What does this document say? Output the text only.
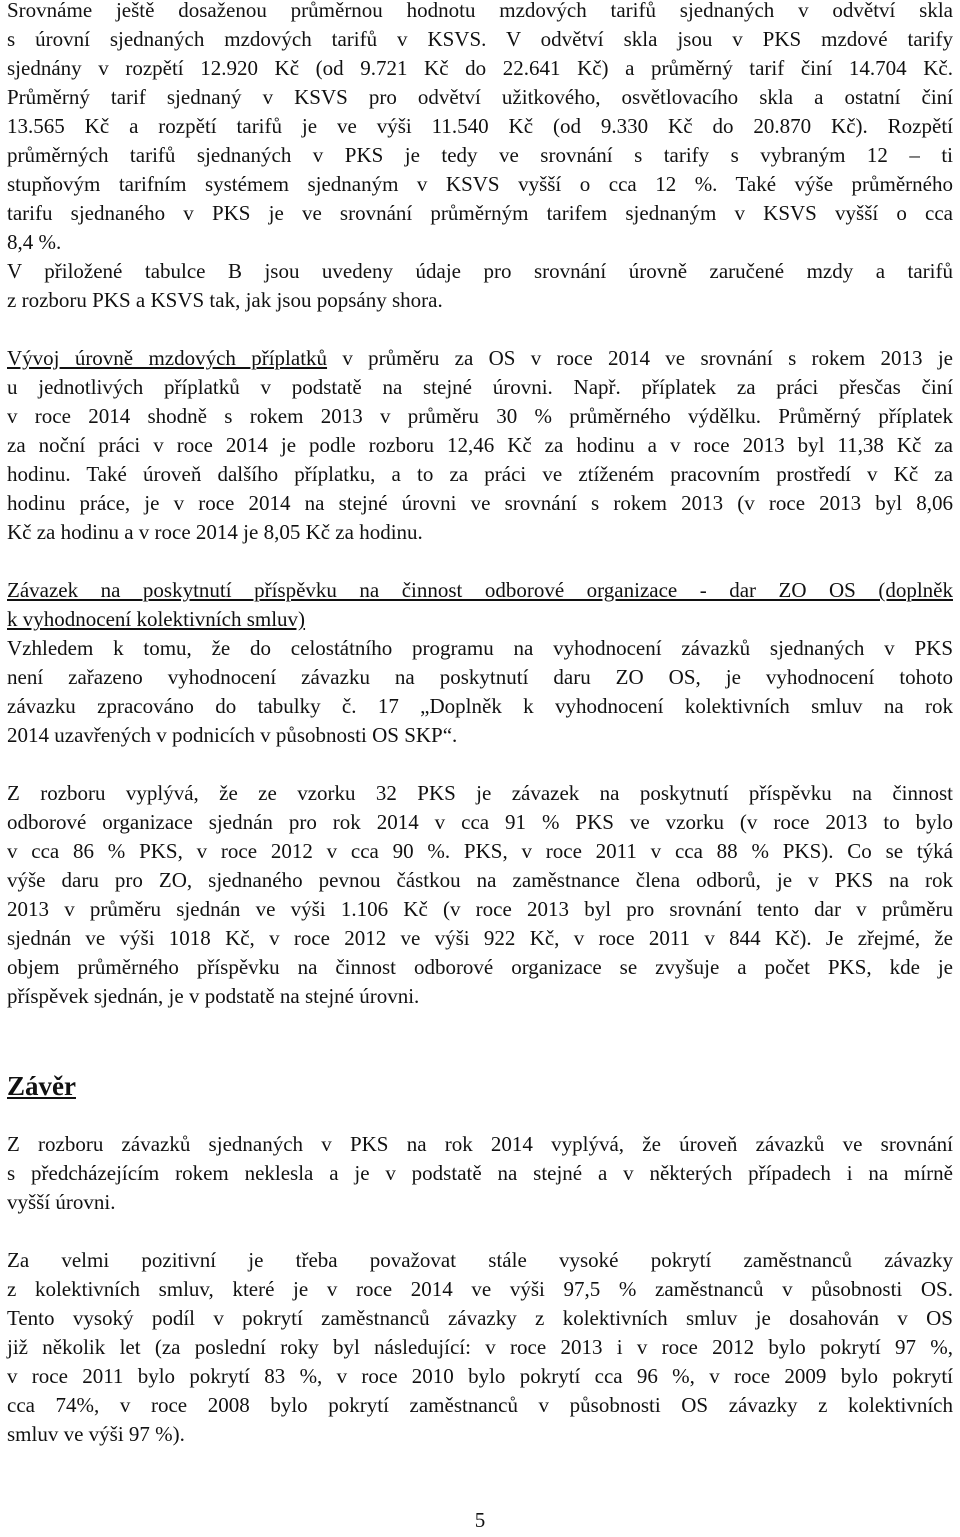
Srovnáme ještě dosaženou průměrnou hodnotu mzdových tarifů sjednaných v odvětví skla
s úrovní sjednaných mzdových tarifů v KSVS. V odvětví skla jsou v PKS mzdové tarify
sjednány v rozpětí 12.920 Kč (od 9.721 Kč do 22.641 Kč) a průměrný tarif činí 14.704 Kč.
Průměrný tarif sjednaný v KSVS pro odvětví užitkového, osvětlovacího skla a ostatní činí
13.565 Kč a rozpětí tarifů je ve výši 11.540 Kč (od 9.330 Kč do 20.870 Kč). Rozpětí
průměrných tarifů sjednaných v PKS je tedy ve srovnání s tarify s vybraným 12 – ti
stupňovým tarifním systémem sjednaným v KSVS vyšší o cca 12 %. Také výše průměrného
tarifu sjednaného v PKS je ve srovnání průměrným tarifem sjednaným v KSVS vyšší o cca
8,4 %.
V přiložené tabulce B jsou uvedeny údaje pro srovnání úrovně zaručené mzdy a tarifů
z rozboru PKS a KSVS tak, jak jsou popsány shora.
Vývoj úrovně mzdových příplatků v průměru za OS v roce 2014 ve srovnání s rokem 2013 je
u jednotlivých příplatků v podstatě na stejné úrovni. Např. příplatek za práci přesčas činí
v roce 2014 shodně s rokem 2013 v průměru 30 % průměrného výdělku. Průměrný příplatek
za noční práci v roce 2014 je podle rozboru 12,46 Kč za hodinu a v roce 2013 byl 11,38 Kč za
hodinu. Také úroveň dalšího příplatku, a to za práci ve ztíženém pracovním prostředí v Kč za
hodinu práce, je v roce 2014 na stejné úrovni ve srovnání s rokem 2013 (v roce 2013 byl 8,06
Kč za hodinu a v roce 2014 je 8,05 Kč za hodinu.
Závazek na poskytnutí příspěvku na činnost odborové organizace - dar ZO OS (doplněk
k vyhodnocení kolektivních smluv)
Vzhledem k tomu, že do celostátního programu na vyhodnocení závazků sjednaných v PKS
není zařazeno vyhodnocení závazku na poskytnutí daru ZO OS, je vyhodnocení tohoto
závazku zpracováno do tabulky č. 17 „Doplněk k vyhodnocení kolektivních smluv na rok
2014 uzavřených v podnicích v působnosti OS SKP“.
Z rozboru vyplývá, že ze vzorku 32 PKS je závazek na poskytnutí příspěvku na činnost
odborové organizace sjednán pro rok 2014 v cca 91 % PKS ve vzorku (v roce 2013 to bylo
v cca 86 % PKS, v roce 2012 v cca 90 %. PKS, v roce 2011 v cca 88 % PKS). Co se týká
výše daru pro ZO, sjednaného pevnou částkou na zaměstnance člena odborů, je v PKS na rok
2013 v průměru sjednán ve výši 1.106 Kč (v roce 2013 byl pro srovnání tento dar v průměru
sjednán ve výši 1018 Kč, v roce 2012 ve výši 922 Kč, v roce 2011 v 844 Kč). Je zřejmé, že
objem průměrného příspěvku na činnost odborové organizace se zvyšuje a počet PKS, kde je
příspěvek sjednán, je v podstatě na stejné úrovni.
Závěr
Z rozboru závazků sjednaných v PKS na rok 2014 vyplývá, že úroveň závazků ve srovnání
s předcházejícím rokem neklesla a je v podstatě na stejné a v některých případech i na mírně
vyšší úrovni.
Za velmi pozitivní je třeba považovat stále vysoké pokrytí zaměstnanců závazky
z kolektivních smluv, které je v roce 2014 ve výši 97,5 % zaměstnanců v působnosti OS.
Tento vysoký podíl v pokrytí zaměstnanců závazky z kolektivních smluv je dosahován v OS
již několik let (za poslední roky byl následující: v roce 2013 i v roce 2012 bylo pokrytí 97 %,
v roce 2011 bylo pokrytí 83 %, v roce 2010 bylo pokrytí cca 96 %, v roce 2009 bylo pokrytí
cca 74%, v roce 2008 bylo pokrytí zaměstnanců v působnosti OS závazky z kolektivních
smluv ve výši 97 %).
5
